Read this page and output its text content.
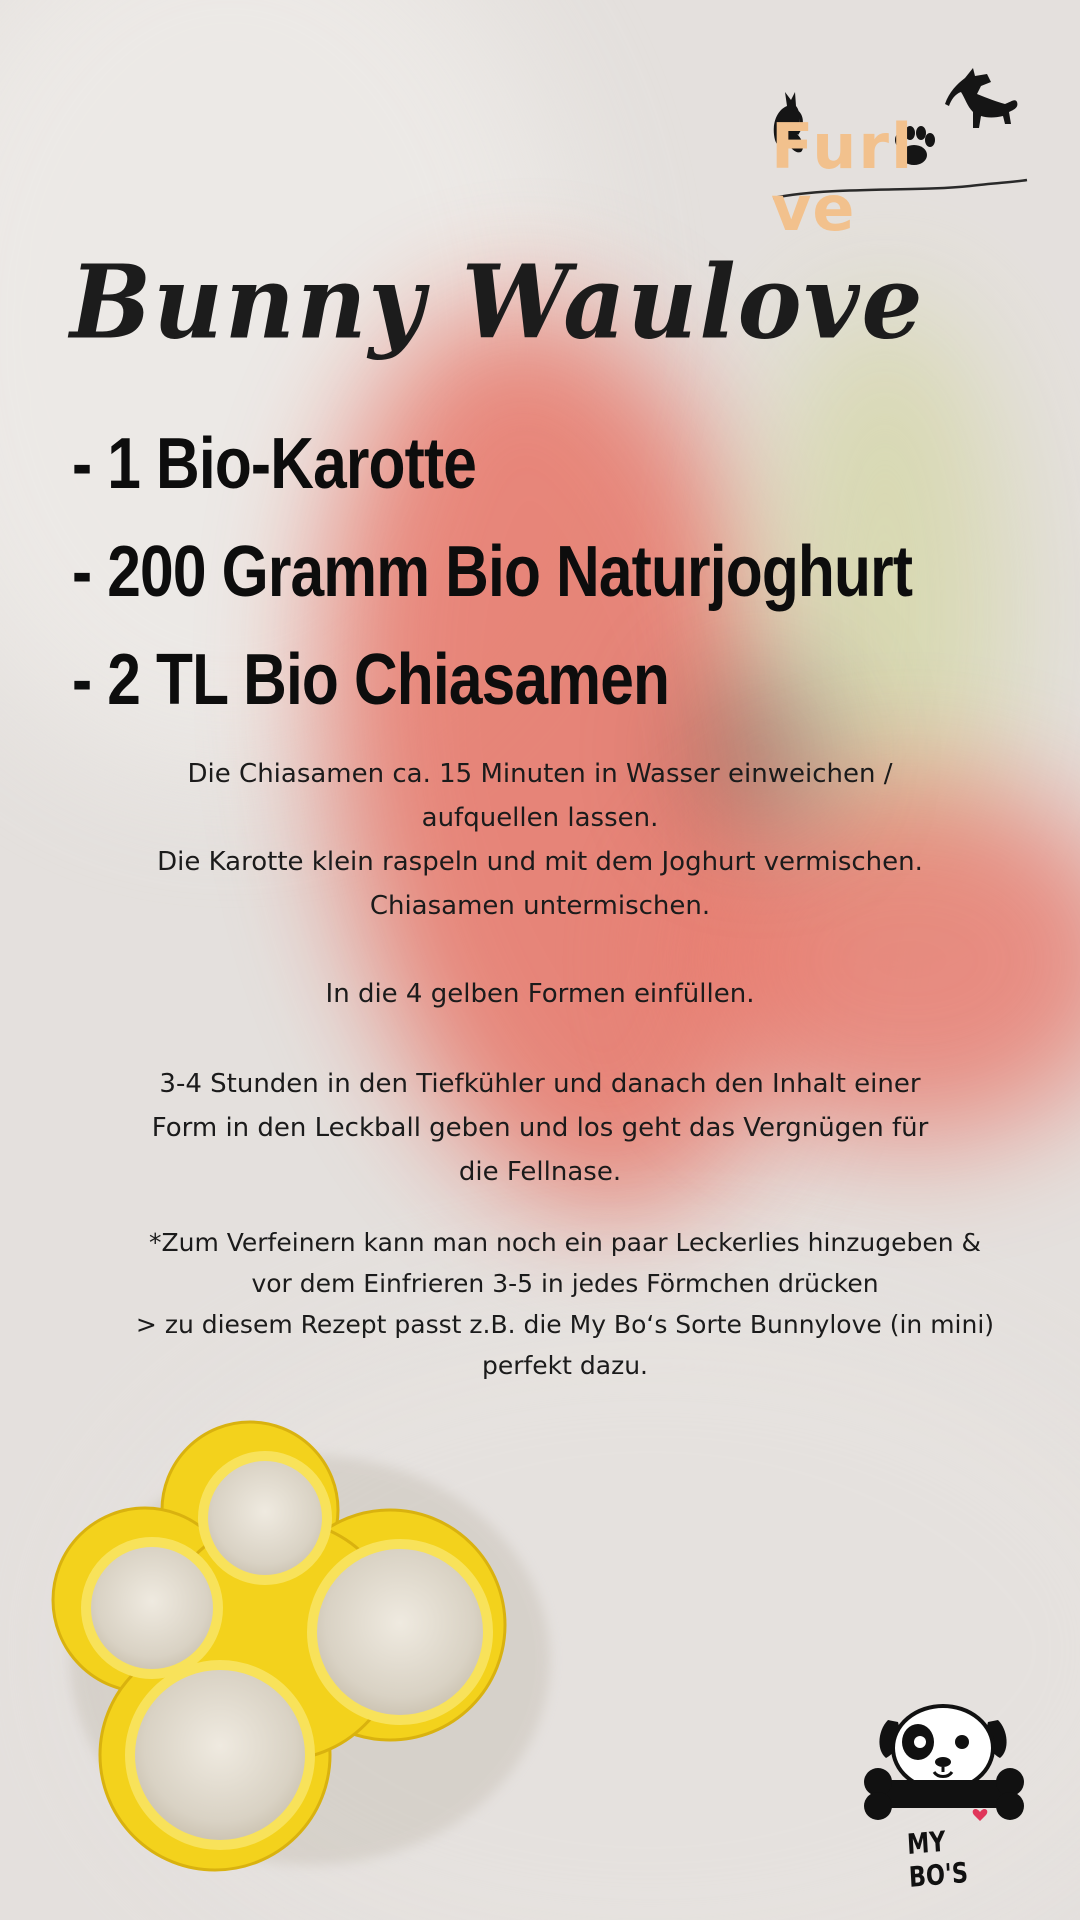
Furlve
Bunny Waulove
- 1 Bio-Karotte
- 200 Gramm Bio Naturjoghurt
- 2 TL Bio Chiasamen
Die Chiasamen ca. 15 Minuten in Wasser einweichen /
aufquellen lassen.
Die Karotte klein raspeln und mit dem Joghurt vermischen.
Chiasamen untermischen.
In die 4 gelben Formen einfüllen.
3-4 Stunden in den Tiefkühler und danach den Inhalt einer
Form in den Leckball geben und los geht das Vergnügen für
die Fellnase.
*Zum Verfeinern kann man noch ein paar Leckerlies hinzugeben &
vor dem Einfrieren 3-5 in jedes Förmchen drücken
> zu diesem Rezept passt z.B. die My Bo‘s Sorte Bunnylove (in mini)
perfekt dazu.
MY BO'S
